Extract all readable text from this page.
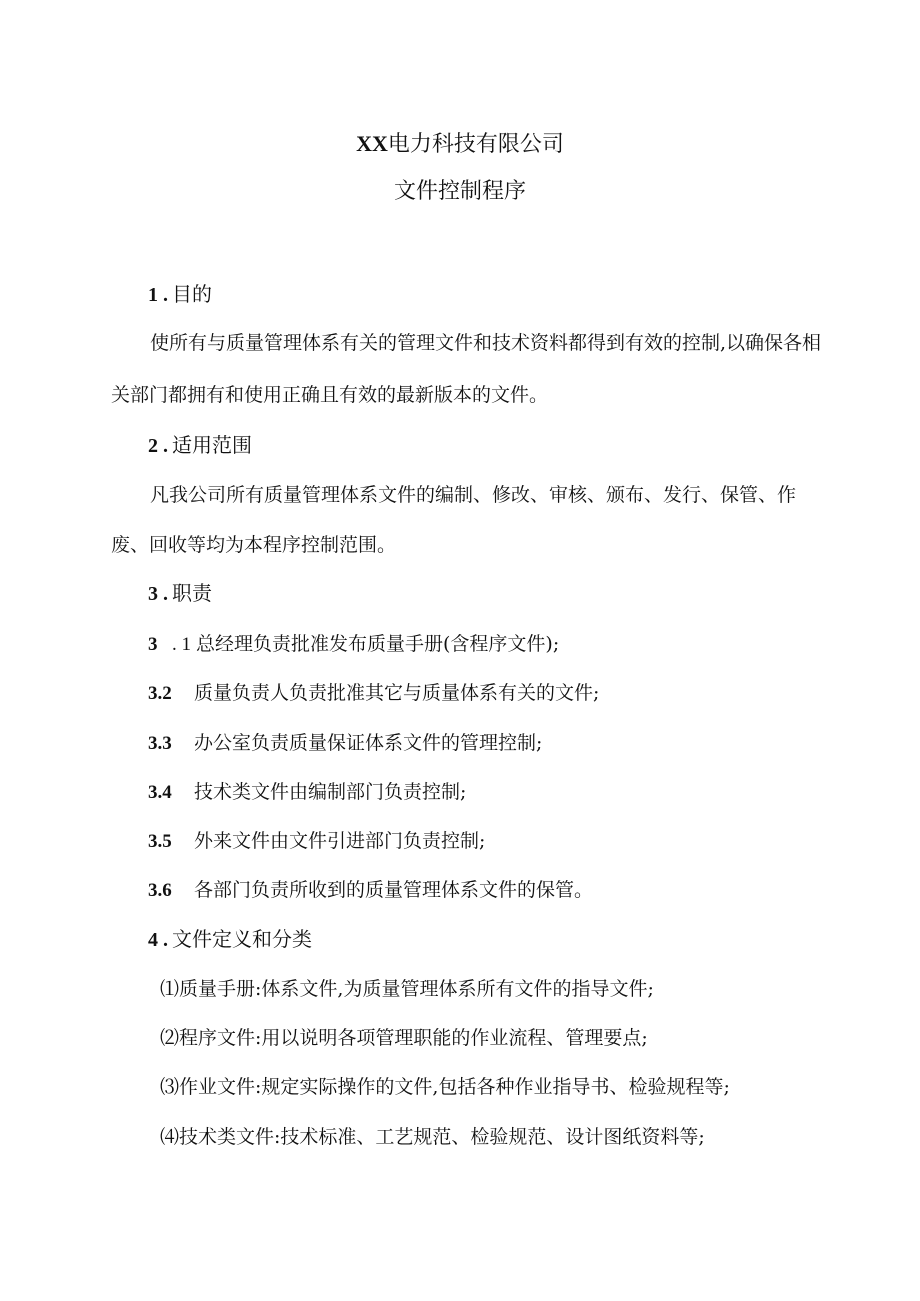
XX电力科技有限公司
文件控制程序
1 . 目的
使所有与质量管理体系有关的管理文件和技术资料都得到有效的控制,以确保各相
关部门都拥有和使用正确且有效的最新版本的文件。
2 . 适用范围
凡我公司所有质量管理体系文件的编制、修改、审核、颁布、发行、保管、作
废、回收等均为本程序控制范围。
3 . 职责
3 . 1 总经理负责批准发布质量手册(含程序文件);
3.2 质量负责人负责批准其它与质量体系有关的文件;
3.3 办公室负责质量保证体系文件的管理控制;
3.4 技术类文件由编制部门负责控制;
3.5 外来文件由文件引进部门负责控制;
3.6 各部门负责所收到的质量管理体系文件的保管。
4 . 文件定义和分类
⑴质量手册:体系文件,为质量管理体系所有文件的指导文件;
⑵程序文件:用以说明各项管理职能的作业流程、管理要点;
⑶作业文件:规定实际操作的文件,包括各种作业指导书、检验规程等;
⑷技术类文件:技术标准、工艺规范、检验规范、设计图纸资料等;
